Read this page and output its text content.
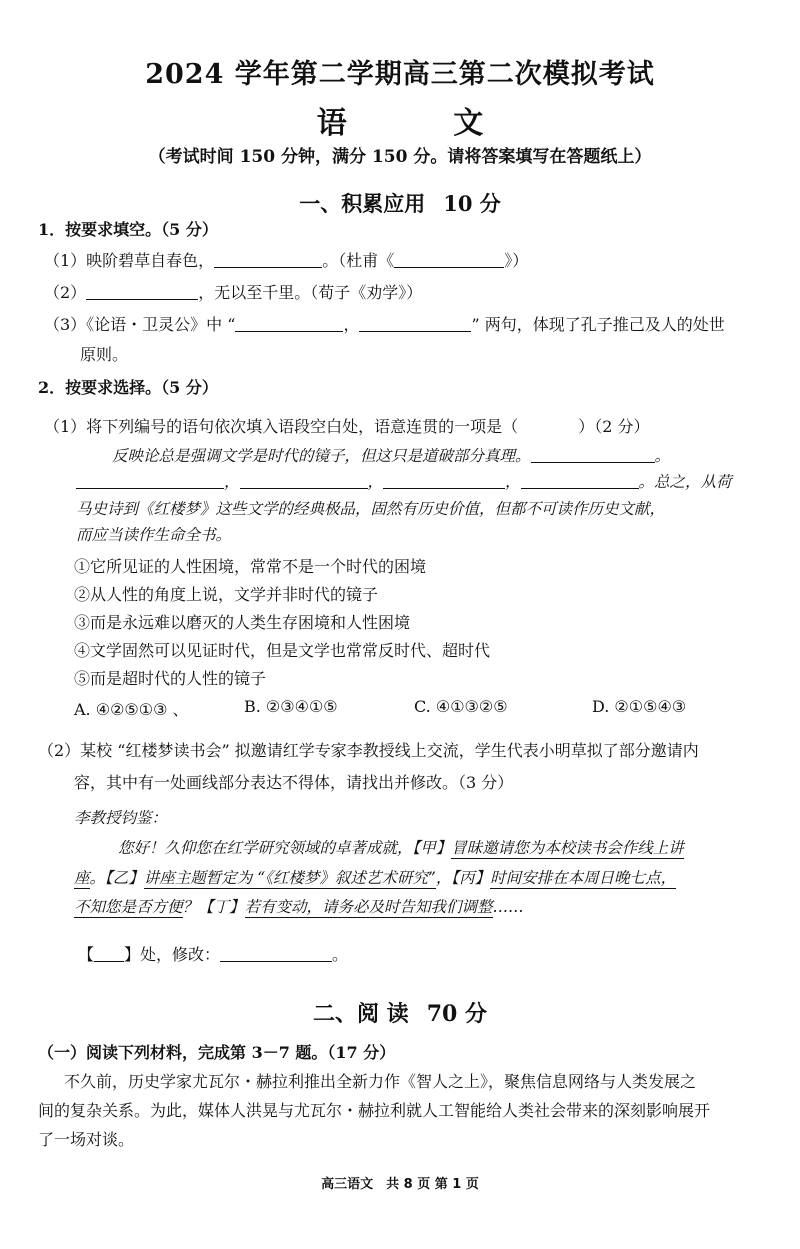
2024 学年第二学期高三第二次模拟考试
语 文
（考试时间 150 分钟，满分 150 分。请将答案填写在答题纸上）
一、积累应用 10 分
1．按要求填空。（5 分）
（1）映阶碧草自春色，	。（杜甫《	》）
（2）	，无以至千里。（荀子《劝学》）
（3）《论语・卫灵公》中 “	，	” 两句，体现了孔子推己及人的处世
原则。
2．按要求选择。（5 分）
（1）将下列编号的语句依次填入语段空白处，语意连贯的一项是（	）（2 分）
反映论总是强调文学是时代的镜子，但这只是道破部分真理。	。
，	，	，	。总之，从荷
马史诗到《红楼梦》这些文学的经典极品，固然有历史价值，但都不可读作历史文献，
而应当读作生命全书。
①它所见证的人性困境，常常不是一个时代的困境
②从人性的角度上说，文学并非时代的镜子
③而是永远难以磨灭的人类生存困境和人性困境
④文学固然可以见证时代，但是文学也常常反时代、超时代
⑤而是超时代的人性的镜子
A. ④②⑤①③ 、	B. ②③④①⑤	C. ④①③②⑤	D. ②①⑤④③
（2）某校 “红楼梦读书会” 拟邀请红学专家李教授线上交流，学生代表小明草拟了部分邀请内
容，其中有一处画线部分表达不得体，请找出并修改。（3 分）
李教授钧鉴：
您好！久仰您在红学研究领域的卓著成就，【甲】冒昧邀请您为本校读书会作线上讲
座。【乙】讲座主题暂定为 “《红楼梦》叙述艺术研究”，【丙】时间安排在本周日晚七点，
不知您是否方便？【丁】若有变动，请务必及时告知我们调整……
【 】处，修改：	。
二、阅 读 70 分
（一）阅读下列材料，完成第 3－7 题。（17 分）
不久前，历史学家尤瓦尔・赫拉利推出全新力作《智人之上》，聚焦信息网络与人类发展之
间的复杂关系。为此，媒体人洪晃与尤瓦尔・赫拉利就人工智能给人类社会带来的深刻影响展开
了一场对谈。
高三语文　共 8 页 第 1 页
